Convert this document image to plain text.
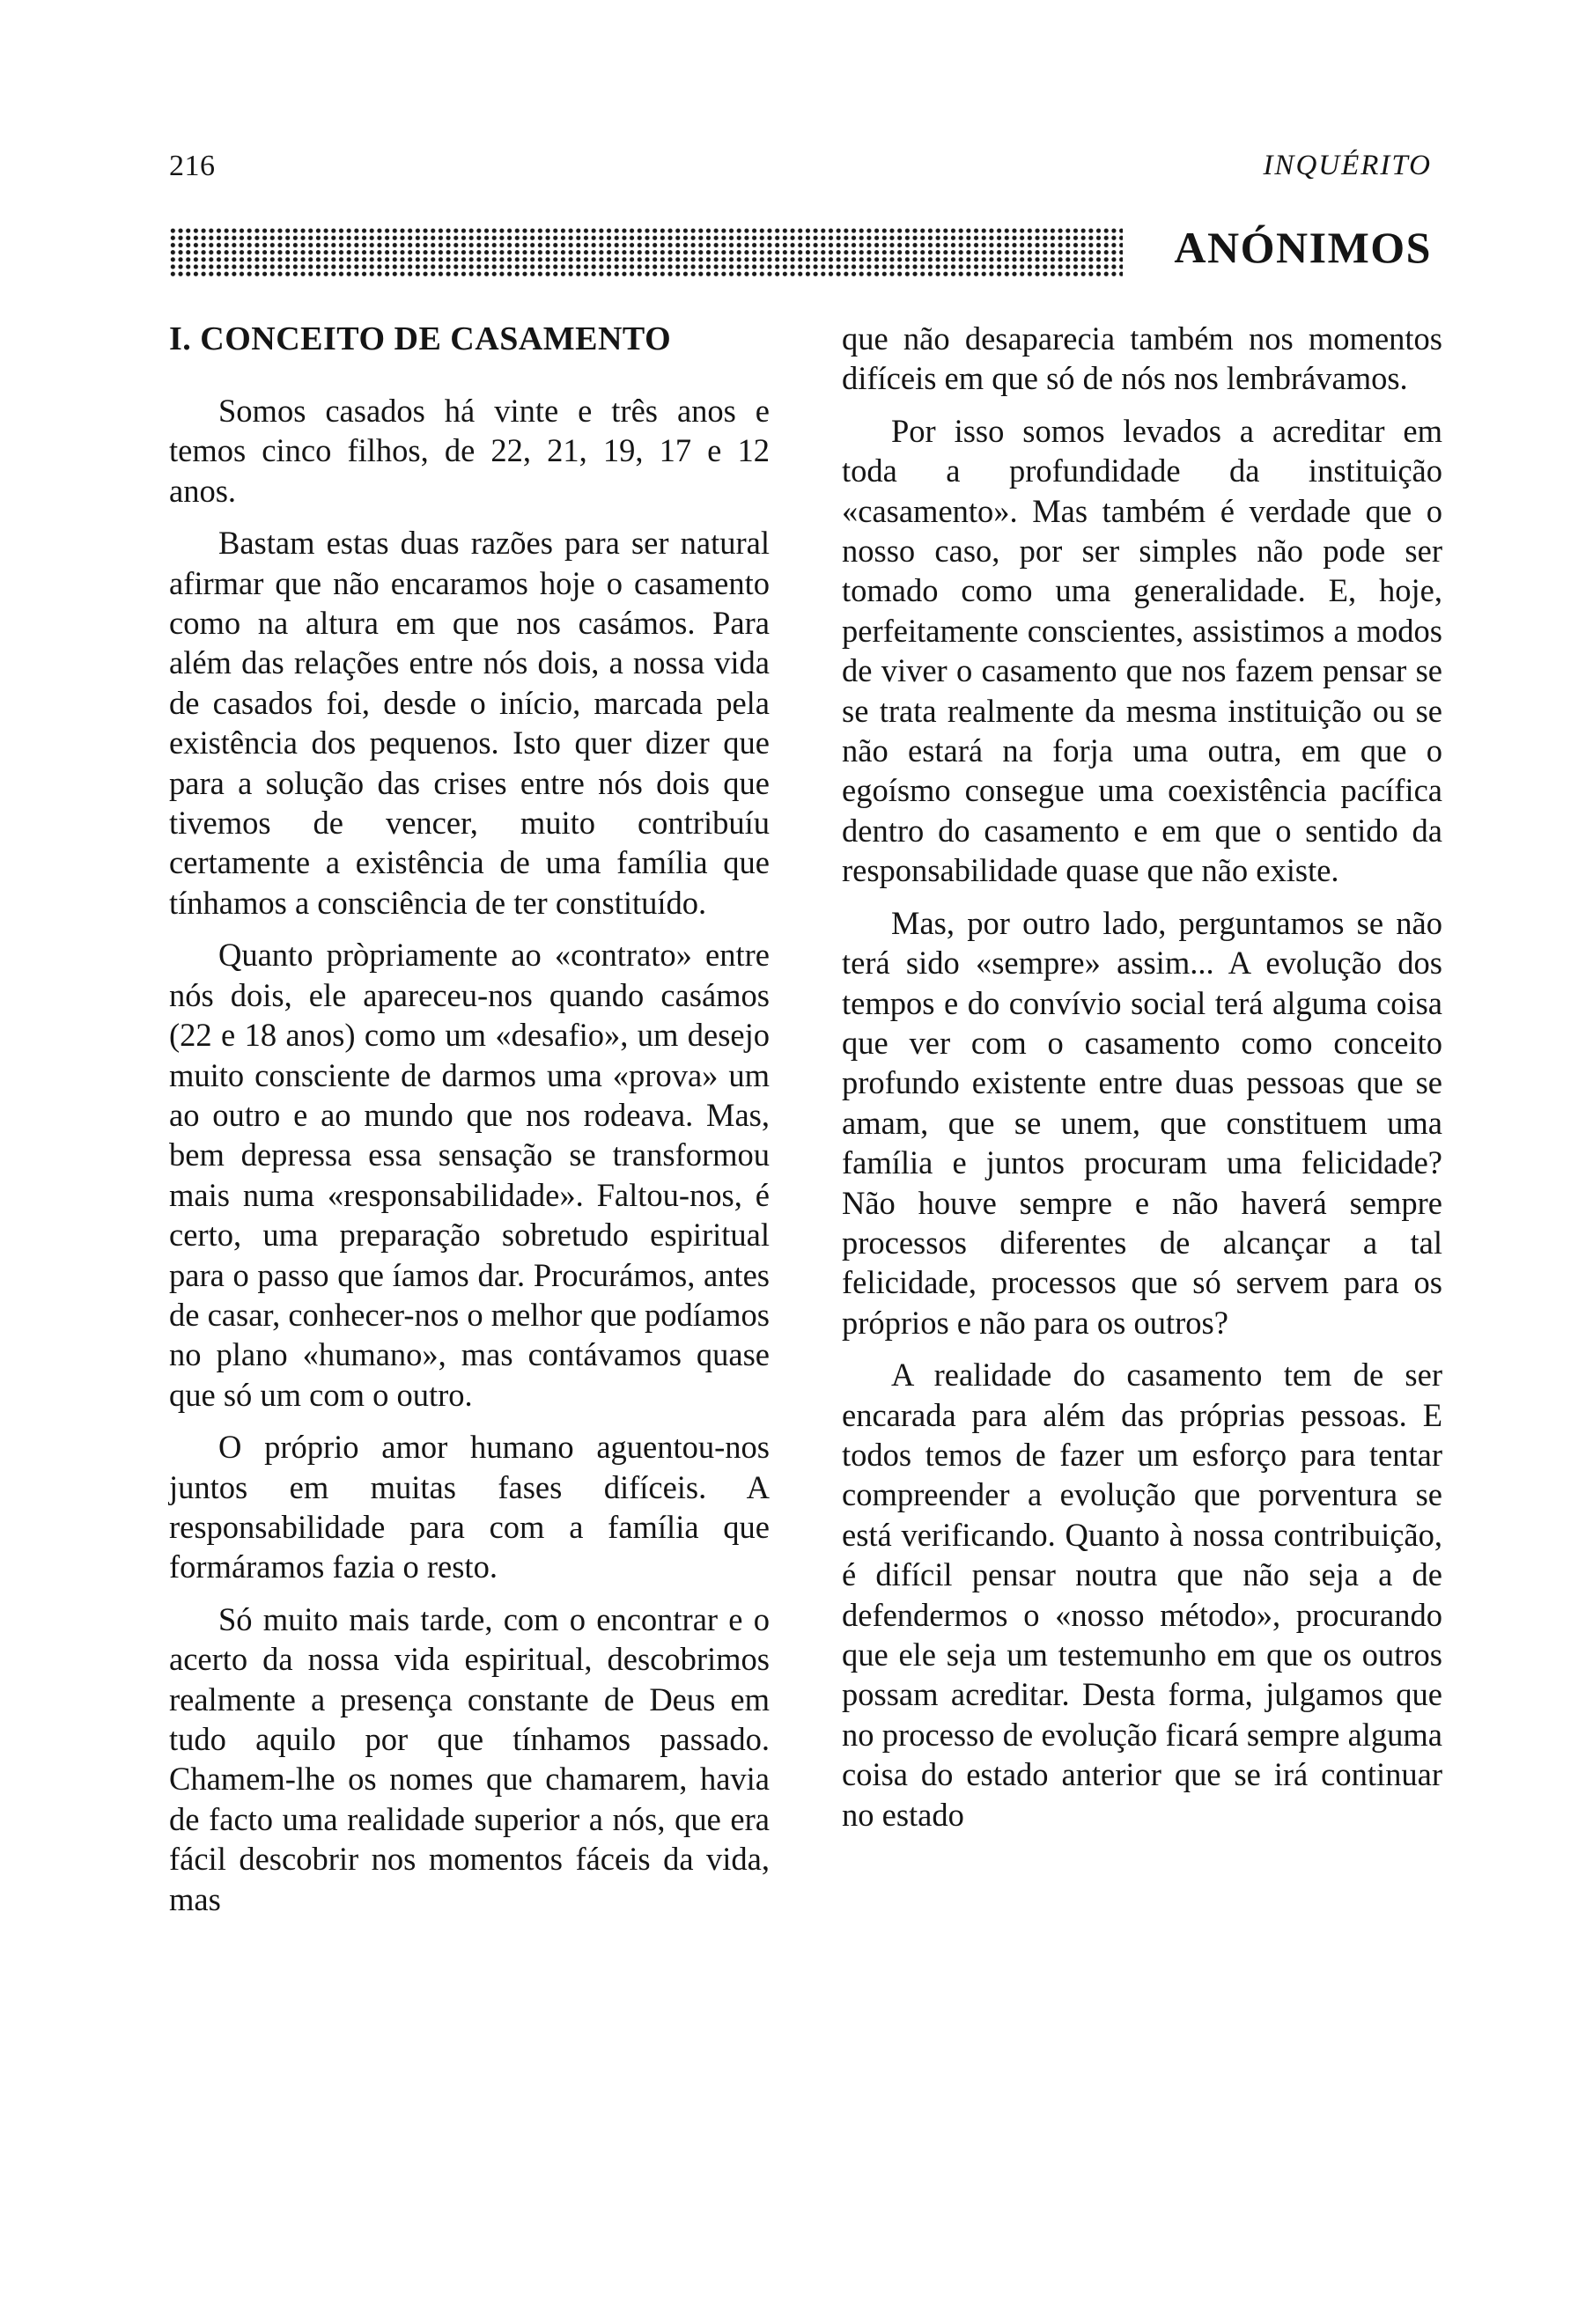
216	INQUÉRITO
ANÓNIMOS
I. CONCEITO DE CASAMENTO

Somos casados há vinte e três anos e temos cinco filhos, de 22, 21, 19, 17 e 12 anos.

Bastam estas duas razões para ser natural afirmar que não encaramos hoje o casamento como na altura em que nos casámos. Para além das relações entre nós dois, a nossa vida de casados foi, desde o início, marcada pela existência dos pequenos. Isto quer dizer que para a solução das crises entre nós dois que tivemos de vencer, muito contribuíu certamente a existência de uma família que tínhamos a consciência de ter constituído.

Quanto pròpriamente ao «contrato» entre nós dois, ele apareceu-nos quando casámos (22 e 18 anos) como um «desafio», um desejo muito consciente de darmos uma «prova» um ao outro e ao mundo que nos rodeava. Mas, bem depressa essa sensação se transformou mais numa «responsabilidade». Faltou-nos, é certo, uma preparação sobretudo espiritual para o passo que íamos dar. Procurámos, antes de casar, conhecer-nos o melhor que podíamos no plano «humano», mas contávamos quase que só um com o outro.

O próprio amor humano aguentou-nos juntos em muitas fases difíceis. A responsabilidade para com a família que formáramos fazia o resto.

Só muito mais tarde, com o encontrar e o acerto da nossa vida espiritual, descobrimos realmente a presença constante de Deus em tudo aquilo por que tínhamos passado. Chamem-lhe os nomes que chamarem, havia de facto uma realidade superior a nós, que era fácil descobrir nos momentos fáceis da vida, mas

que não desaparecia também nos momentos difíceis em que só de nós nos lembrávamos.

Por isso somos levados a acreditar em toda a profundidade da instituição «casamento». Mas também é verdade que o nosso caso, por ser simples não pode ser tomado como uma generalidade. E, hoje, perfeitamente conscientes, assistimos a modos de viver o casamento que nos fazem pensar se se trata realmente da mesma instituição ou se não estará na forja uma outra, em que o egoísmo consegue uma coexistência pacífica dentro do casamento e em que o sentido da responsabilidade quase que não existe.

Mas, por outro lado, perguntamos se não terá sido «sempre» assim... A evolução dos tempos e do convívio social terá alguma coisa que ver com o casamento como conceito profundo existente entre duas pessoas que se amam, que se unem, que constituem uma família e juntos procuram uma felicidade? Não houve sempre e não haverá sempre processos diferentes de alcançar a tal felicidade, processos que só servem para os próprios e não para os outros?

A realidade do casamento tem de ser encarada para além das próprias pessoas. E todos temos de fazer um esforço para tentar compreender a evolução que porventura se está verificando. Quanto à nossa contribuição, é difícil pensar noutra que não seja a de defendermos o «nosso método», procurando que ele seja um testemunho em que os outros possam acreditar. Desta forma, julgamos que no processo de evolução ficará sempre alguma coisa do estado anterior que se irá continuar no estado
